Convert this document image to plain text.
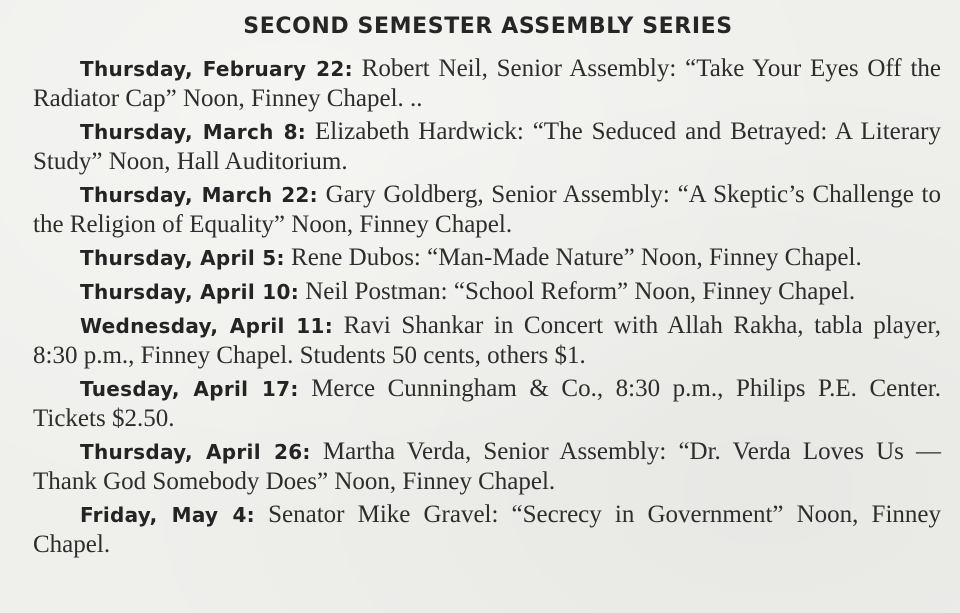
SECOND SEMESTER ASSEMBLY SERIES

Thursday, February 22: Robert Neil, Senior Assembly: “Take Your Eyes Off the Radiator Cap” Noon, Finney Chapel. ..

Thursday, March 8: Elizabeth Hardwick: “The Seduced and Betrayed: A Literary Study” Noon, Hall Auditorium.

Thursday, March 22: Gary Goldberg, Senior Assembly: “A Skeptic’s Challenge to the Religion of Equality” Noon, Finney Chapel.

Thursday, April 5: Rene Dubos: “Man-Made Nature” Noon, Finney Chapel.

Thursday, April 10: Neil Postman: “School Reform” Noon, Finney Chapel.

Wednesday, April 11: Ravi Shankar in Concert with Allah Rakha, tabla player, 8:30 p.m., Finney Chapel. Students 50 cents, others $1.

Tuesday, April 17: Merce Cunningham & Co., 8:30 p.m., Philips P.E. Center. Tickets $2.50.

Thursday, April 26: Martha Verda, Senior Assembly: “Dr. Verda Loves Us — Thank God Somebody Does” Noon, Finney Chapel.

Friday, May 4: Senator Mike Gravel: “Secrecy in Government” Noon, Finney Chapel.
